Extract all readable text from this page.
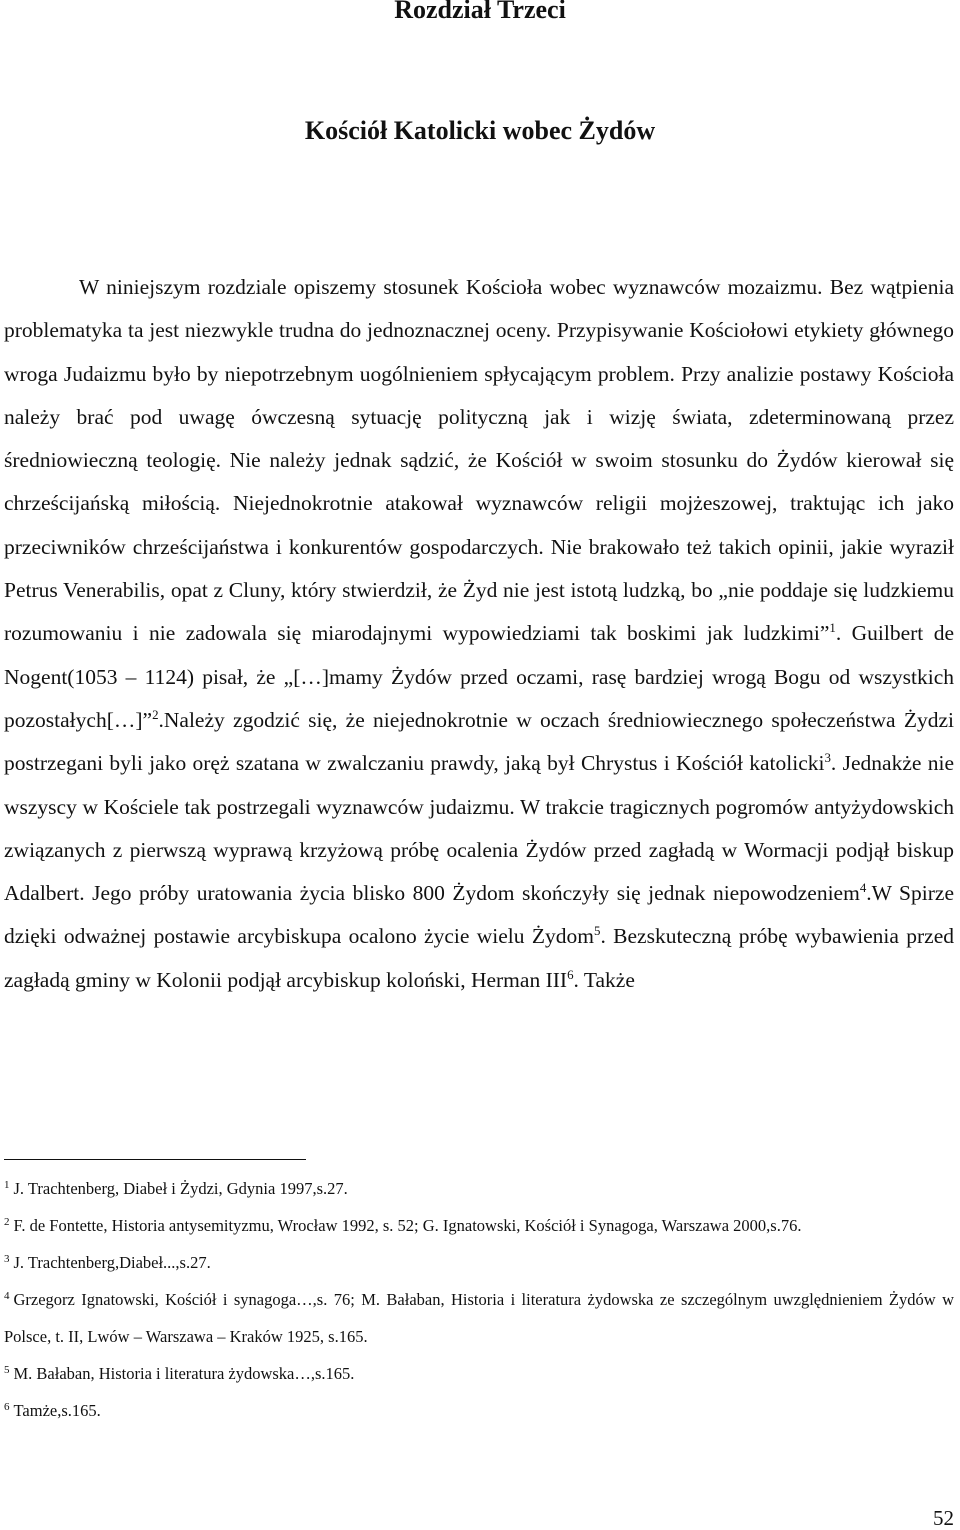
Rozdział Trzeci
Kościół Katolicki wobec Żydów

W niniejszym rozdziale opiszemy stosunek Kościoła wobec wyznawców mozaizmu. Bez wątpienia problematyka ta jest niezwykle trudna do jednoznacznej oceny. Przypisywanie Kościołowi etykiety głównego wroga Judaizmu było by niepotrzebnym uogólnieniem spłycającym problem. Przy analizie postawy Kościoła należy brać pod uwagę ówczesną sytuację polityczną jak i wizję świata, zdeterminowaną przez średniowieczną teologię. Nie należy jednak sądzić, że Kościół w swoim stosunku do Żydów kierował się chrześcijańską miłością. Niejednokrotnie atakował wyznawców religii mojżeszowej, traktując ich jako przeciwników chrześcijaństwa i konkurentów gospodarczych. Nie brakowało też takich opinii, jakie wyraził Petrus Venerabilis, opat z Cluny, który stwierdził, że Żyd nie jest istotą ludzką, bo „nie poddaje się ludzkiemu rozumowaniu i nie zadowala się miarodajnymi wypowiedziami tak boskimi jak ludzkimi”$^1$. Guilbert de Nogent(1053 – 1124) pisał, że „[…]mamy Żydów przed oczami, rasę bardziej wrogą Bogu od wszystkich pozostałych[…]”$^2$.Należy zgodzić się, że niejednokrotnie w oczach średniowiecznego społeczeństwa Żydzi postrzegani byli jako oręż szatana w zwalczaniu prawdy, jaką był Chrystus i Kościół katolicki$^3$. Jednakże nie wszyscy w Kościele tak postrzegali wyznawców judaizmu. W trakcie tragicznych pogromów antyżydowskich związanych z pierwszą wyprawą krzyżową próbę ocalenia Żydów przed zagładą w Wormacji podjął biskup Adalbert. Jego próby uratowania życia blisko 800 Żydom skończyły się jednak niepowodzeniem$^4$.W Spirze dzięki odważnej postawie arcybiskupa ocalono życie wielu Żydom$^5$. Bezskuteczną próbę wybawienia przed zagładą gminy w Kolonii podjął arcybiskup koloński, Herman III$^6$. Także

$^1$ J. Trachtenberg, Diabeł i Żydzi, Gdynia 1997,s.27.

$^2$ F. de Fontette, Historia antysemityzmu, Wrocław 1992, s. 52; G. Ignatowski, Kościół i Synagoga, Warszawa 2000,s.76.

$^3$ J. Trachtenberg,Diabeł...,s.27.

$^4$ Grzegorz Ignatowski, Kościół i synagoga…,s. 76; M. Bałaban, Historia i literatura żydowska ze szczególnym uwzględnieniem Żydów w Polsce, t. II, Lwów – Warszawa – Kraków 1925, s.165.

$^5$ M. Bałaban, Historia i literatura żydowska…,s.165.

$^6$ Tamże,s.165.

52
